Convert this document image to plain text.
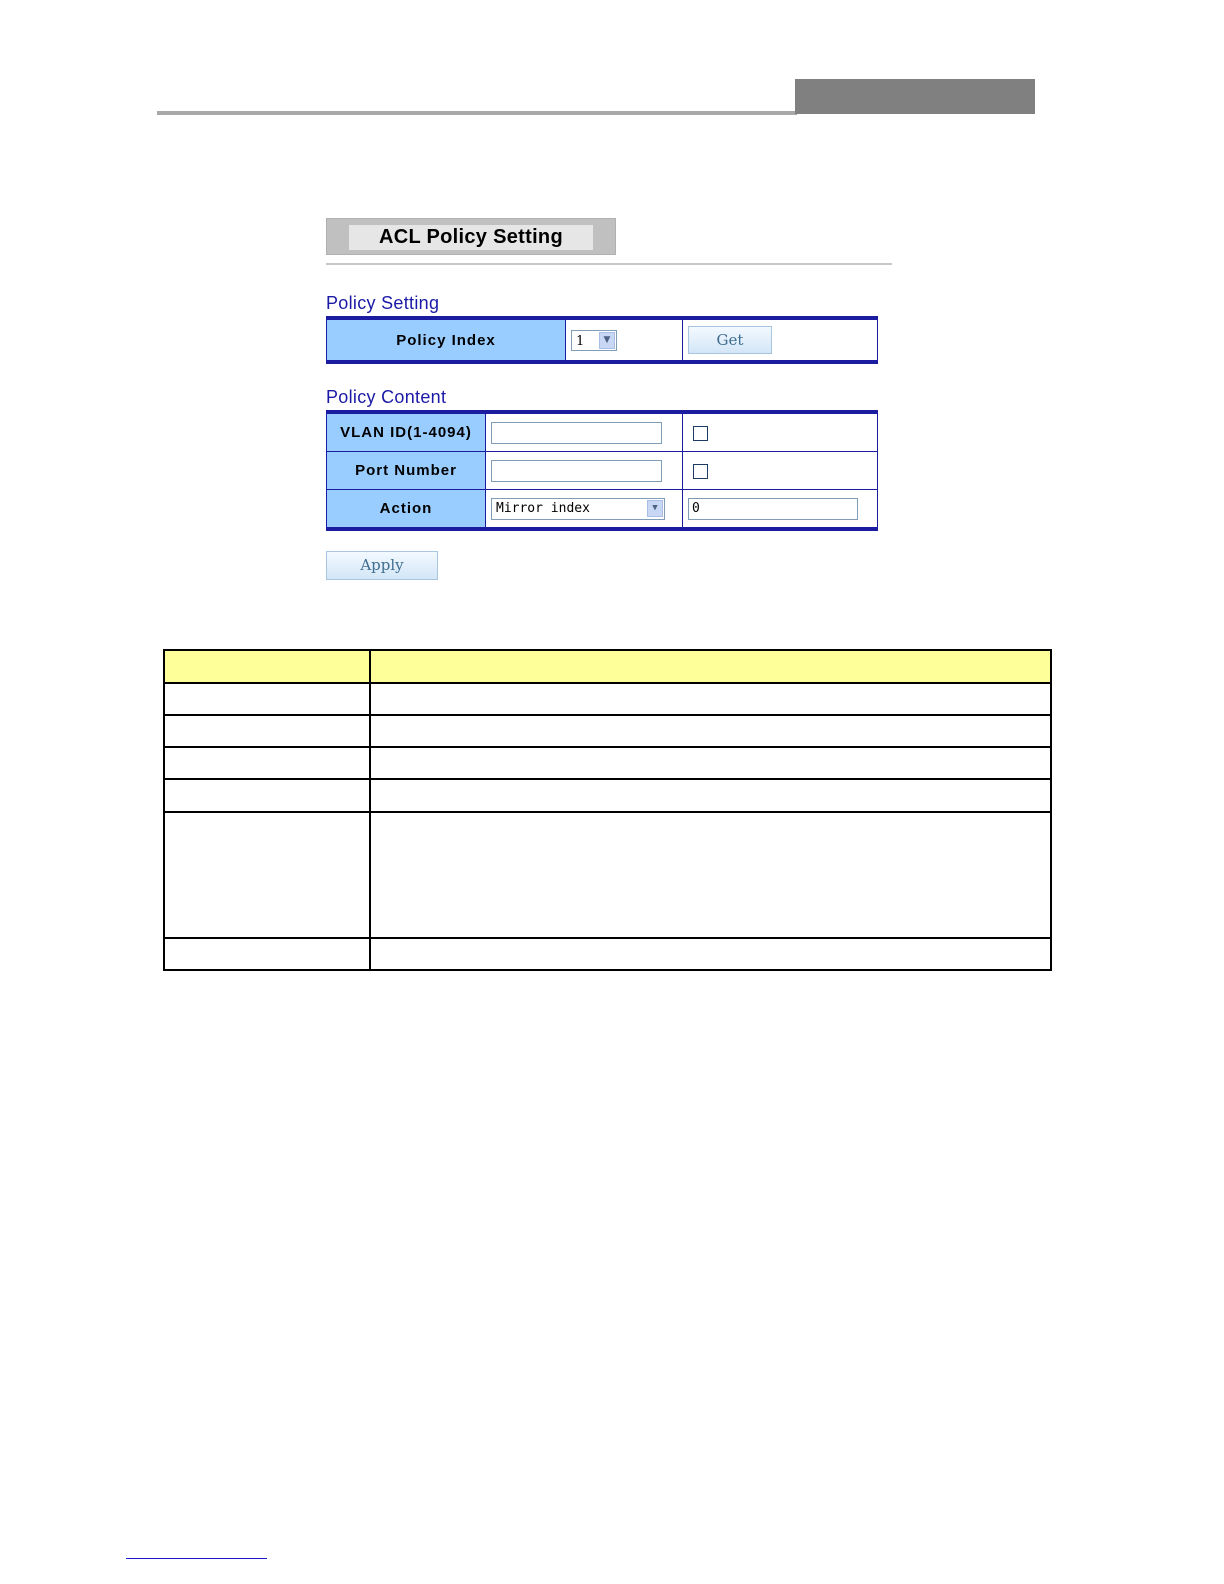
ACL Policy Setting
Policy Setting
Policy Index	1	▼	Get
Policy Content
VLAN ID(1-4094)		
Port Number		
Action	Mirror index ▼	0
Apply
